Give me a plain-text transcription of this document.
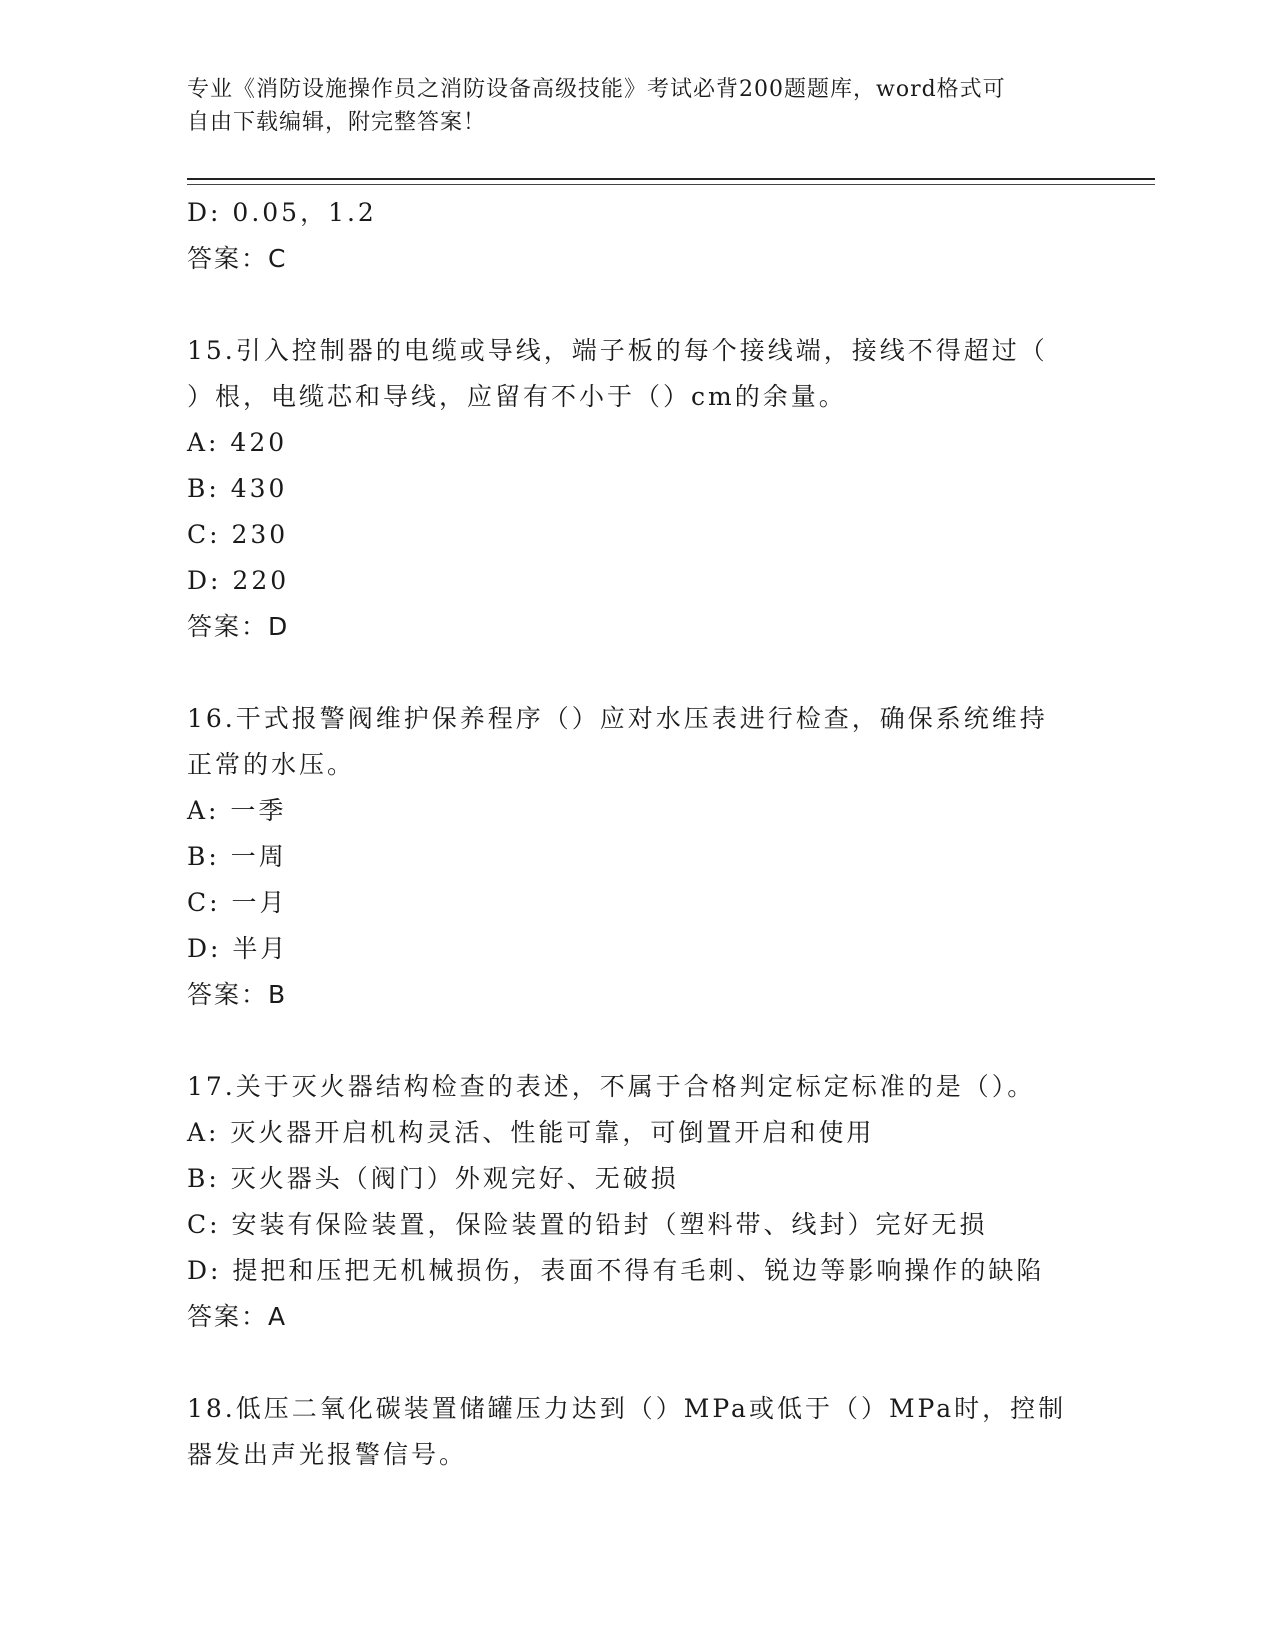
专业《消防设施操作员之消防设备高级技能》考试必背200题题库，word格式可
自由下载编辑，附完整答案！
D: 0.05，1.2
答案：C
15.引入控制器的电缆或导线，端子板的每个接线端，接线不得超过（
）根，电缆芯和导线，应留有不小于（）cm的余量。
A: 420
B: 430
C: 230
D: 220
答案：D
16.干式报警阀维护保养程序（）应对水压表进行检查，确保系统维持
正常的水压。
A: 一季
B: 一周
C: 一月
D: 半月
答案：B
17.关于灭火器结构检查的表述，不属于合格判定标定标准的是（）。
A: 灭火器开启机构灵活、性能可靠，可倒置开启和使用
B: 灭火器头（阀门）外观完好、无破损
C: 安装有保险装置，保险装置的铅封（塑料带、线封）完好无损
D: 提把和压把无机械损伤，表面不得有毛刺、锐边等影响操作的缺陷
答案：A
18.低压二氧化碳装置储罐压力达到（）MPa或低于（）MPa时，控制
器发出声光报警信号。
